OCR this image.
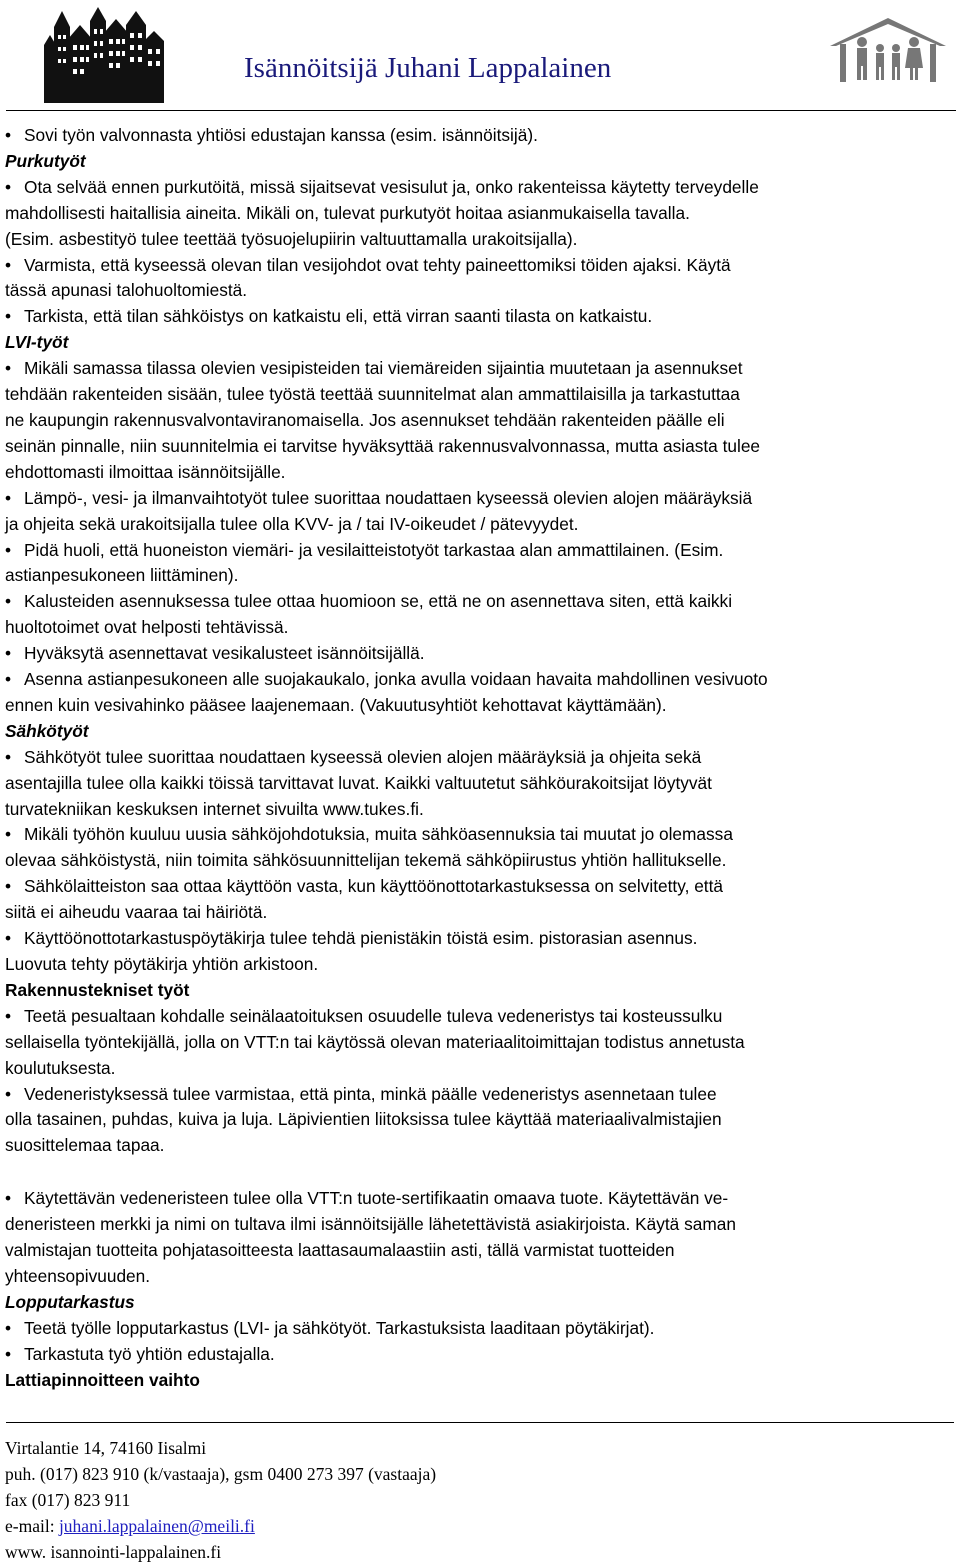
Isännöitsijä Juhani Lappalainen

• Sovi työn valvonnasta yhtiösi edustajan kanssa (esim. isännöitsijä).

Purkutyöt

• Ota selvää ennen purkutöitä, missä sijaitsevat vesisulut ja, onko rakenteissa käytetty terveydelle

mahdollisesti haitallisia aineita. Mikäli on, tulevat purkutyöt hoitaa asianmukaisella tavalla.

(Esim. asbestityö tulee teettää työsuojelupiirin valtuuttamalla urakoitsijalla).

• Varmista, että kyseessä olevan tilan vesijohdot ovat tehty paineettomiksi töiden ajaksi. Käytä

tässä apunasi talohuoltomiestä.

• Tarkista, että tilan sähköistys on katkaistu eli, että virran saanti tilasta on katkaistu.

LVI-työt

• Mikäli samassa tilassa olevien vesipisteiden tai viemäreiden sijaintia muutetaan ja asennukset

tehdään rakenteiden sisään, tulee työstä teettää suunnitelmat alan ammattilaisilla ja tarkastuttaa

ne kaupungin rakennusvalvontaviranomaisella. Jos asennukset tehdään rakenteiden päälle eli

seinän pinnalle, niin suunnitelmia ei tarvitse hyväksyttää rakennusvalvonnassa, mutta asiasta tulee

ehdottomasti ilmoittaa isännöitsijälle.

• Lämpö-, vesi- ja ilmanvaihtotyöt tulee suorittaa noudattaen kyseessä olevien alojen määräyksiä

ja ohjeita sekä urakoitsijalla tulee olla KVV- ja / tai IV-oikeudet / pätevyydet.

• Pidä huoli, että huoneiston viemäri- ja vesilaitteistotyöt tarkastaa alan ammattilainen. (Esim.

astianpesukoneen liittäminen).

• Kalusteiden asennuksessa tulee ottaa huomioon se, että ne on asennettava siten, että kaikki

huoltotoimet ovat helposti tehtävissä.

• Hyväksytä asennettavat vesikalusteet isännöitsijällä.

• Asenna astianpesukoneen alle suojakaukalo, jonka avulla voidaan havaita mahdollinen vesivuoto

ennen kuin vesivahinko pääsee laajenemaan. (Vakuutusyhtiöt kehottavat käyttämään).

Sähkötyöt

• Sähkötyöt tulee suorittaa noudattaen kyseessä olevien alojen määräyksiä ja ohjeita sekä

asentajilla tulee olla kaikki töissä tarvittavat luvat. Kaikki valtuutetut sähköurakoitsijat löytyvät

turvatekniikan keskuksen internet sivuilta www.tukes.fi.

• Mikäli työhön kuuluu uusia sähköjohdotuksia, muita sähköasennuksia tai muutat jo olemassa

olevaa sähköistystä, niin toimita sähkösuunnittelijan tekemä sähköpiirustus yhtiön hallitukselle.

• Sähkölaitteiston saa ottaa käyttöön vasta, kun käyttöönottotarkastuksessa on selvitetty, että

siitä ei aiheudu vaaraa tai häiriötä.

• Käyttöönottotarkastuspöytäkirja tulee tehdä pienistäkin töistä esim. pistorasian asennus.

Luovuta tehty pöytäkirja yhtiön arkistoon.

Rakennustekniset työt

• Teetä pesualtaan kohdalle seinälaatoituksen osuudelle tuleva vedeneristys tai kosteussulku

sellaisella työntekijällä, jolla on VTT:n tai käytössä olevan materiaalitoimittajan todistus annetusta

koulutuksesta.

• Vedeneristyksessä tulee varmistaa, että pinta, minkä päälle vedeneristys asennetaan tulee

olla tasainen, puhdas, kuiva ja luja. Läpivientien liitoksissa tulee käyttää materiaalivalmistajien

suosittelemaa tapaa.

• Käytettävän vedeneristeen tulee olla VTT:n tuote-sertifikaatin omaava tuote. Käytettävän ve-

deneristeen merkki ja nimi on tultava ilmi isännöitsijälle lähetettävistä asiakirjoista. Käytä saman

valmistajan tuotteita pohjatasoitteesta laattasaumalaastiin asti, tällä varmistat tuotteiden

yhteensopivuuden.

Lopputarkastus

• Teetä työlle lopputarkastus (LVI- ja sähkötyöt. Tarkastuksista laaditaan pöytäkirjat).

• Tarkastuta työ yhtiön edustajalla.

Lattiapinnoitteen vaihto

Virtalantie 14, 74160 Iisalmi

puh. (017) 823 910 (k/vastaaja), gsm 0400 273 397 (vastaaja)

fax (017) 823 911

e-mail: juhani.lappalainen@meili.fi

www. isannointi-lappalainen.fi
